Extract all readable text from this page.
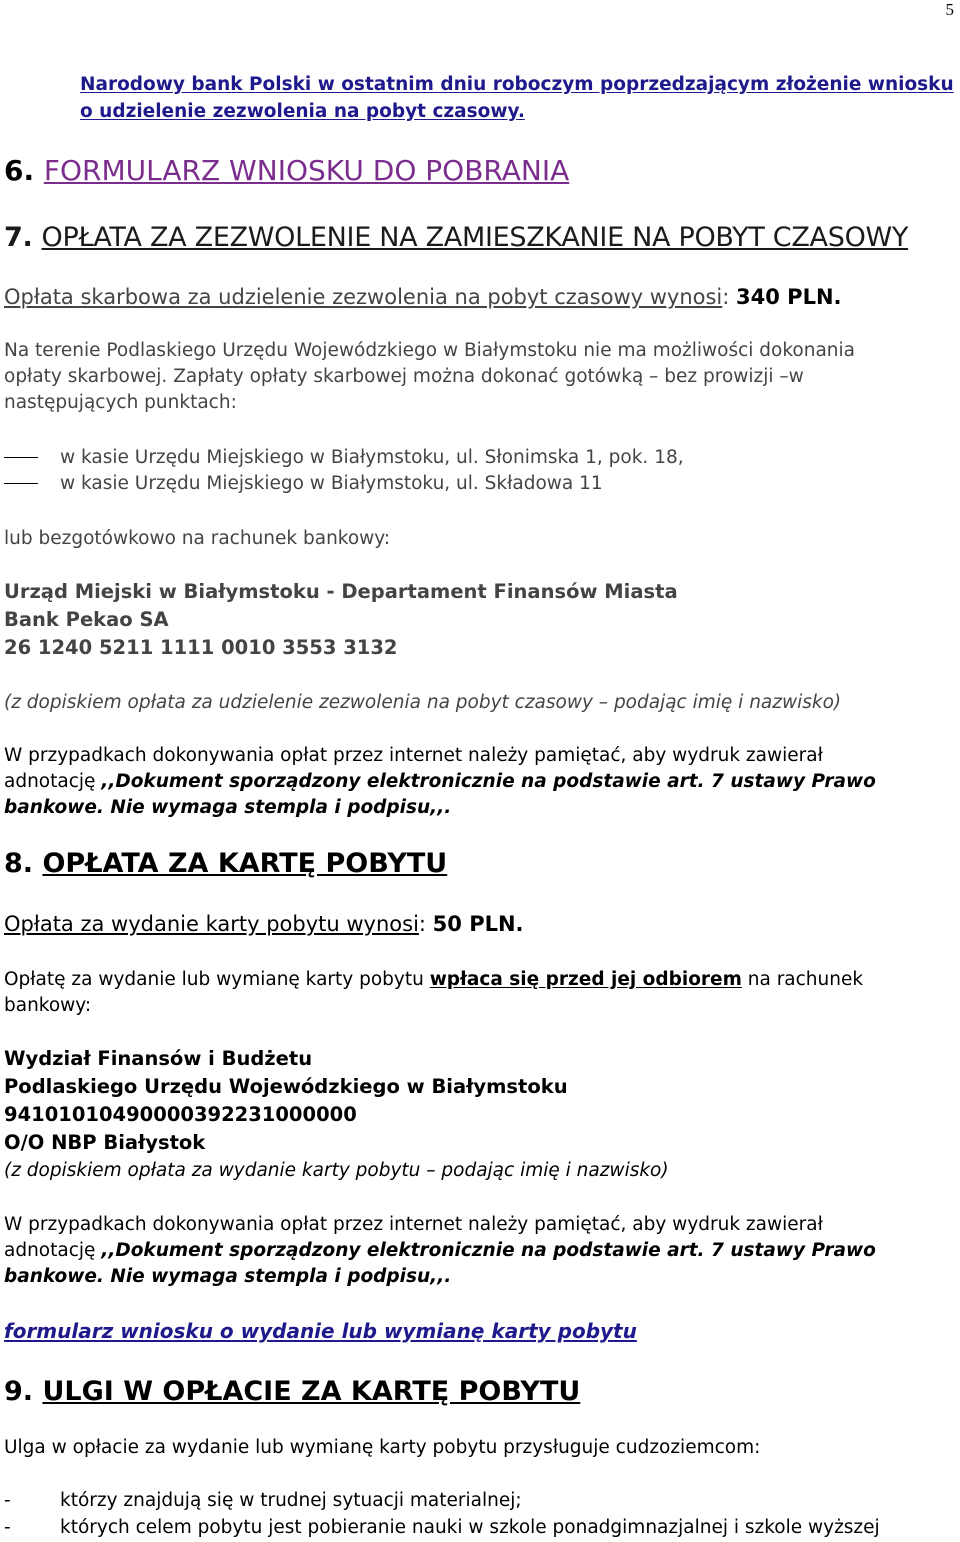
5
Narodowy bank Polski w ostatnim dniu roboczym poprzedzającym złożenie wniosku
o udzielenie zezwolenia na pobyt czasowy.
6. FORMULARZ WNIOSKU DO POBRANIA
7. OPŁATA ZA ZEZWOLENIE NA ZAMIESZKANIE NA POBYT CZASOWY
Opłata skarbowa za udzielenie zezwolenia na pobyt czasowy wynosi: 340 PLN.
Na terenie Podlaskiego Urzędu Wojewódzkiego w Białymstoku nie ma możliwości dokonania
opłaty skarbowej. Zapłaty opłaty skarbowej można dokonać gotówką – bez prowizji –w
następujących punktach:
w kasie Urzędu Miejskiego w Białymstoku, ul. Słonimska 1, pok. 18,
w kasie Urzędu Miejskiego w Białymstoku, ul. Składowa 11
lub bezgotówkowo na rachunek bankowy:
Urząd Miejski w Białymstoku - Departament Finansów Miasta
Bank Pekao SA
26 1240 5211 1111 0010 3553 3132
(z dopiskiem opłata za udzielenie zezwolenia na pobyt czasowy – podając imię i nazwisko)
W przypadkach dokonywania opłat przez internet należy pamiętać, aby wydruk zawierał
adnotację ,,Dokument sporządzony elektronicznie na podstawie art. 7 ustawy Prawo
bankowe. Nie wymaga stempla i podpisu,,.
8. OPŁATA ZA KARTĘ POBYTU
Opłata za wydanie karty pobytu wynosi: 50 PLN.
Opłatę za wydanie lub wymianę karty pobytu wpłaca się przed jej odbiorem na rachunek
bankowy:
Wydział Finansów i Budżetu
Podlaskiego Urzędu Wojewódzkiego w Białymstoku
94101010490000392231000000
O/O NBP Białystok
(z dopiskiem opłata za wydanie karty pobytu – podając imię i nazwisko)
W przypadkach dokonywania opłat przez internet należy pamiętać, aby wydruk zawierał
adnotację ,,Dokument sporządzony elektronicznie na podstawie art. 7 ustawy Prawo
bankowe. Nie wymaga stempla i podpisu,,.
formularz wniosku o wydanie lub wymianę karty pobytu
9. ULGI W OPŁACIE ZA KARTĘ POBYTU
Ulga w opłacie za wydanie lub wymianę karty pobytu przysługuje cudzoziemcom:
-	którzy znajdują się w trudnej sytuacji materialnej;
-	których celem pobytu jest pobieranie nauki w szkole ponadgimnazjalnej i szkole wyższej
